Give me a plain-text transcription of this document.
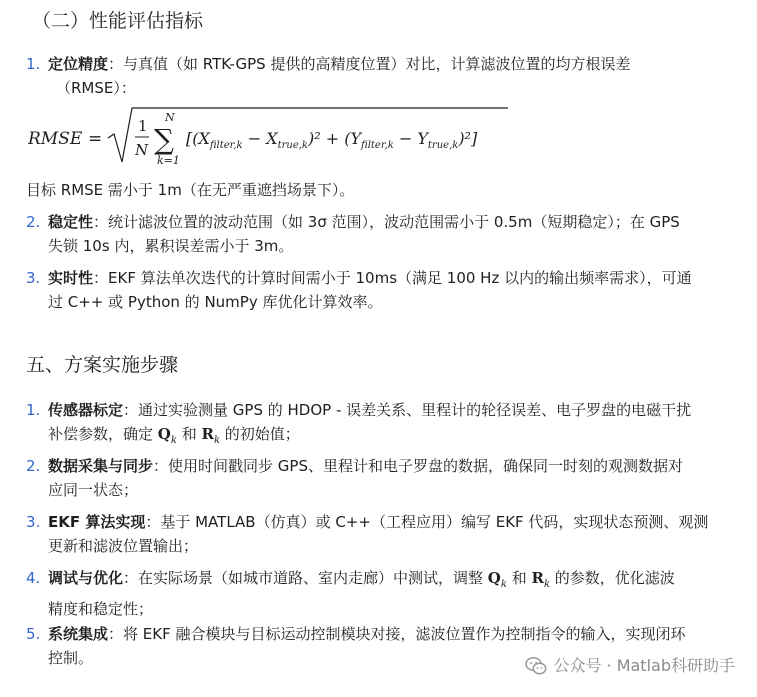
（二）性能评估指标
1. 定位精度：与真值（如 RTK-GPS 提供的高精度位置）对比，计算滤波位置的均方根误差
（RMSE）：
RMSE =
1
N
N
∑
k=1
$[(X_{filter,k} - X_{true,k})^2 + (Y_{filter,k} - Y_{true,k})^2]$
目标 RMSE 需小于 1m（在无严重遮挡场景下）。
2. 稳定性：统计滤波位置的波动范围（如 3σ 范围），波动范围需小于 0.5m（短期稳定）；在 GPS
失锁 10s 内，累积误差需小于 3m。
3. 实时性：EKF 算法单次迭代的计算时间需小于 10ms（满足 100 Hz 以内的输出频率需求），可通
过 C++ 或 Python 的 NumPy 库优化计算效率。
五、方案实施步骤
1. 传感器标定：通过实验测量 GPS 的 HDOP - 误差关系、里程计的轮径误差、电子罗盘的电磁干扰
补偿参数，确定 $Q_k$ 和 $R_k$ 的初始值；
2. 数据采集与同步：使用时间戳同步 GPS、里程计和电子罗盘的数据，确保同一时刻的观测数据对
应同一状态；
3. EKF 算法实现：基于 MATLAB（仿真）或 C++（工程应用）编写 EKF 代码，实现状态预测、观测
更新和滤波位置输出；
4. 调试与优化：在实际场景（如城市道路、室内走廊）中测试，调整 $Q_k$ 和 $R_k$ 的参数，优化滤波
精度和稳定性；
5. 系统集成：将 EKF 融合模块与目标运动控制模块对接，滤波位置作为控制指令的输入，实现闭环
控制。	公众号 · Matlab科研助手
